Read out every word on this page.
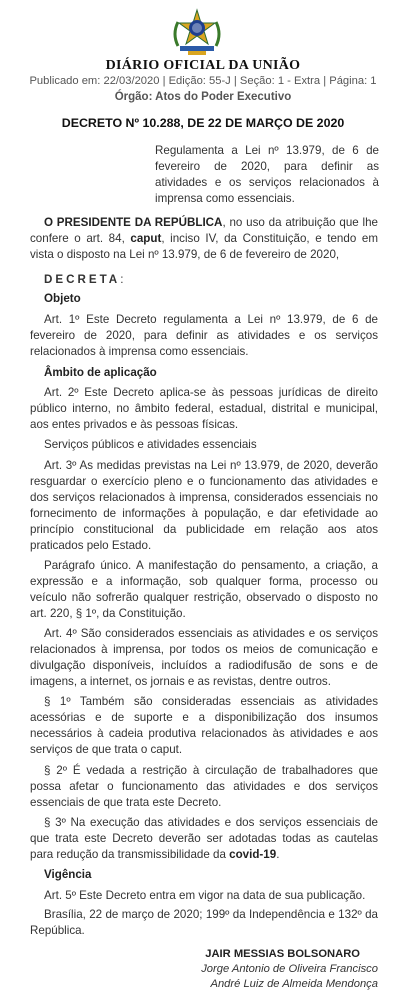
DIÁRIO OFICIAL DA UNIÃO
Publicado em: 22/03/2020 | Edição: 55-J | Seção: 1 - Extra | Página: 1
Órgão: Atos do Poder Executivo
DECRETO Nº 10.288, DE 22 DE MARÇO DE 2020
Regulamenta a Lei nº 13.979, de 6 de fevereiro de 2020, para definir as atividades e os serviços relacionados à imprensa como essenciais.
O PRESIDENTE DA REPÚBLICA, no uso da atribuição que lhe confere o art. 84, caput, inciso IV, da Constituição, e tendo em vista o disposto na Lei nº 13.979, de 6 de fevereiro de 2020,
DECRETA:
Objeto
Art. 1º Este Decreto regulamenta a Lei nº 13.979, de 6 de fevereiro de 2020, para definir as atividades e os serviços relacionados à imprensa como essenciais.
Âmbito de aplicação
Art. 2º Este Decreto aplica-se às pessoas jurídicas de direito público interno, no âmbito federal, estadual, distrital e municipal, aos entes privados e às pessoas físicas.
Serviços públicos e atividades essenciais
Art. 3º As medidas previstas na Lei nº 13.979, de 2020, deverão resguardar o exercício pleno e o funcionamento das atividades e dos serviços relacionados à imprensa, considerados essenciais no fornecimento de informações à população, e dar efetividade ao princípio constitucional da publicidade em relação aos atos praticados pelo Estado.
Parágrafo único. A manifestação do pensamento, a criação, a expressão e a informação, sob qualquer forma, processo ou veículo não sofrerão qualquer restrição, observado o disposto no art. 220, § 1º, da Constituição.
Art. 4º São considerados essenciais as atividades e os serviços relacionados à imprensa, por todos os meios de comunicação e divulgação disponíveis, incluídos a radiodifusão de sons e de imagens, a internet, os jornais e as revistas, dentre outros.
§ 1º Também são consideradas essenciais as atividades acessórias e de suporte e a disponibilização dos insumos necessários à cadeia produtiva relacionados às atividades e aos serviços de que trata o caput.
§ 2º É vedada a restrição à circulação de trabalhadores que possa afetar o funcionamento das atividades e dos serviços essenciais de que trata este Decreto.
§ 3º Na execução das atividades e dos serviços essenciais de que trata este Decreto deverão ser adotadas todas as cautelas para redução da transmissibilidade da covid-19.
Vigência
Art. 5º Este Decreto entra em vigor na data de sua publicação.
Brasília, 22 de março de 2020; 199º da Independência e 132º da República.
JAIR MESSIAS BOLSONARO
Jorge Antonio de Oliveira Francisco
André Luiz de Almeida Mendonça
